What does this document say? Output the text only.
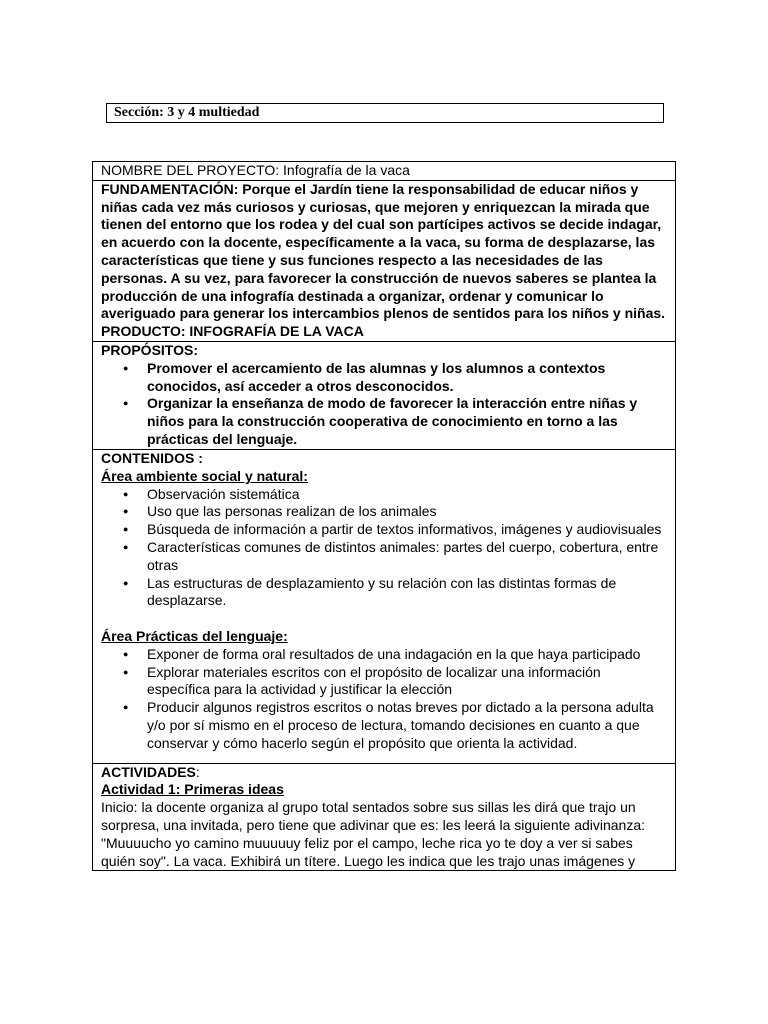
Sección: 3 y 4 multiedad
NOMBRE DEL PROYECTO: Infografía de la vaca

FUNDAMENTACIÓN: Porque el Jardín tiene la responsabilidad de educar niños y niñas cada vez más curiosos y curiosas, que mejoren y enriquezcan la mirada que tienen del entorno que los rodea y del cual son partícipes activos se decide indagar, en acuerdo con la docente, específicamente a la vaca, su forma de desplazarse, las características que tiene y sus funciones respecto a las necesidades de las personas. A su vez, para favorecer la construcción de nuevos saberes se plantea la producción de una infografía destinada a organizar, ordenar y comunicar lo averiguado para generar los intercambios plenos de sentidos para los niños y niñas.

PRODUCTO: INFOGRAFÍA DE LA VACA

PROPÓSITOS:

● Promover el acercamiento de las alumnas y los alumnos a contextos conocidos, así acceder a otros desconocidos.
● Organizar la enseñanza de modo de favorecer la interacción entre niñas y niños para la construcción cooperativa de conocimiento en torno a las prácticas del lenguaje.

CONTENIDOS :

Área ambiente social y natural:

● Observación sistemática
● Uso que las personas realizan de los animales
● Búsqueda de información a partir de textos informativos, imágenes y audiovisuales
● Características comunes de distintos animales: partes del cuerpo, cobertura, entre otras
● Las estructuras de desplazamiento y su relación con las distintas formas de desplazarse.

Área Prácticas del lenguaje:

● Exponer de forma oral resultados de una indagación en la que haya participado
● Explorar materiales escritos con el propósito de localizar una información específica para la actividad y justificar la elección
● Producir algunos registros escritos o notas breves por dictado a la persona adulta y/o por sí mismo en el proceso de lectura, tomando decisiones en cuanto a que conservar y cómo hacerlo según el propósito que orienta la actividad.

ACTIVIDADES:

Actividad 1: Primeras ideas

Inicio: la docente organiza al grupo total sentados sobre sus sillas les dirá que trajo un sorpresa, una invitada, pero tiene que adivinar que es: les leerá la siguiente adivinanza: "Muuuucho yo camino muuuuuy feliz por el campo, leche rica yo te doy a ver si sabes quién soy". La vaca. Exhibirá un títere. Luego les indica que les trajo unas imágenes y
